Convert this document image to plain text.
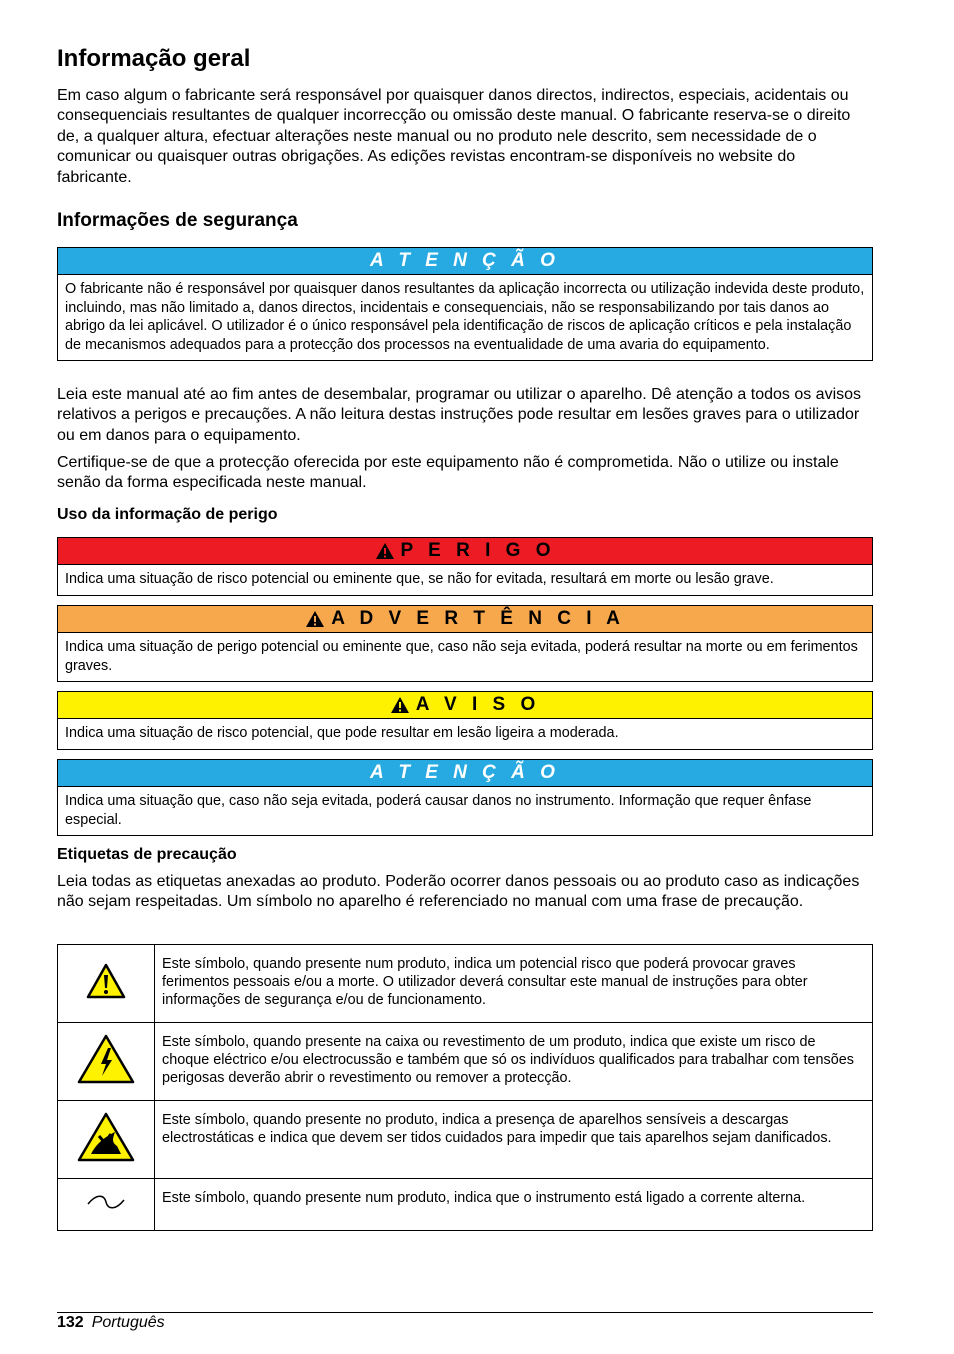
Informação geral

Em caso algum o fabricante será responsável por quaisquer danos directos, indirectos, especiais, acidentais ou consequenciais resultantes de qualquer incorrecção ou omissão deste manual. O fabricante reserva-se o direito de, a qualquer altura, efectuar alterações neste manual ou no produto nele descrito, sem necessidade de o comunicar ou quaisquer outras obrigações. As edições revistas encontram-se disponíveis no website do fabricante.

Informações de segurança
A T E N Ç Ã O
O fabricante não é responsável por quaisquer danos resultantes da aplicação incorrecta ou utilização indevida deste produto, incluindo, mas não limitado a, danos directos, incidentais e consequenciais, não se responsabilizando por tais danos ao abrigo da lei aplicável. O utilizador é o único responsável pela identificação de riscos de aplicação críticos e pela instalação de mecanismos adequados para a protecção dos processos na eventualidade de uma avaria do equipamento.

Leia este manual até ao fim antes de desembalar, programar ou utilizar o aparelho. Dê atenção a todos os avisos relativos a perigos e precauções. A não leitura destas instruções pode resultar em lesões graves para o utilizador ou em danos para o equipamento.

Certifique-se de que a protecção oferecida por este equipamento não é comprometida. Não o utilize ou instale senão da forma especificada neste manual.

Uso da informação de perigo
P E R I G O
Indica uma situação de risco potencial ou eminente que, se não for evitada, resultará em morte ou lesão grave.
A D V E R T Ê N C I A
Indica uma situação de perigo potencial ou eminente que, caso não seja evitada, poderá resultar na morte ou em ferimentos graves.
A V I S O
Indica uma situação de risco potencial, que pode resultar em lesão ligeira a moderada.
A T E N Ç Ã O
Indica uma situação que, caso não seja evitada, poderá causar danos no instrumento. Informação que requer ênfase especial.
Etiquetas de precaução

Leia todas as etiquetas anexadas ao produto. Poderão ocorrer danos pessoais ou ao produto caso as indicações não sejam respeitadas. Um símbolo no aparelho é referenciado no manual com uma frase de precaução.

	Este símbolo, quando presente num produto, indica um potencial risco que poderá provocar graves ferimentos pessoais e/ou a morte. O utilizador deverá consultar este manual de instruções para obter informações de segurança e/ou de funcionamento.
	Este símbolo, quando presente na caixa ou revestimento de um produto, indica que existe um risco de choque eléctrico e/ou electrocussão e também que só os indivíduos qualificados para trabalhar com tensões perigosas deverão abrir o revestimento ou remover a protecção.
	Este símbolo, quando presente no produto, indica a presença de aparelhos sensíveis a descargas electrostáticas e indica que devem ser tidos cuidados para impedir que tais aparelhos sejam danificados.
	Este símbolo, quando presente num produto, indica que o instrumento está ligado a corrente alterna.
132 Português
